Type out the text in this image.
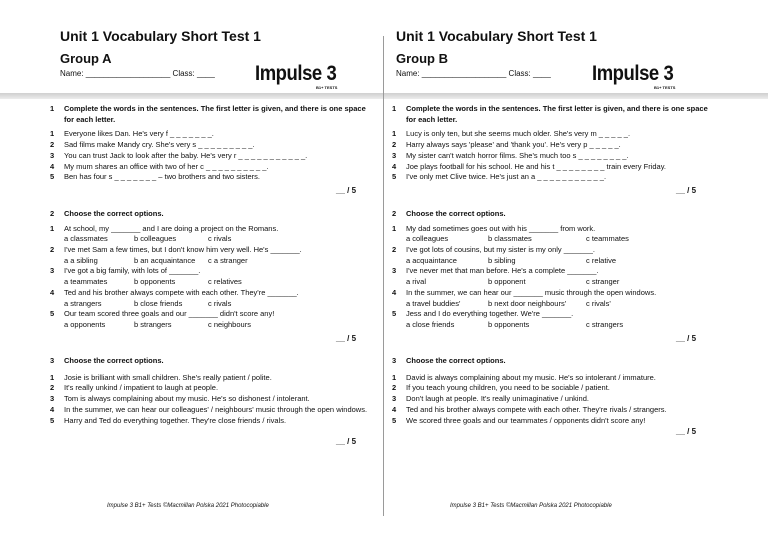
Unit 1 Vocabulary Short Test 1
Group A
Name: ___________________ Class: ____ Impulse 3
B1+ TESTS
1 Complete the words in the sentences. The first letter is given, and there is one space for each letter.
1 Everyone likes Dan. He's very f _ _ _ _ _ _ _.
2 Sad films make Mandy cry. She's very s _ _ _ _ _ _ _ _ _.
3 You can trust Jack to look after the baby. He's very r _ _ _ _ _ _ _ _ _ _ _.
4 My mum shares an office with two of her c _ _ _ _ _ _ _ _ _ _.
5 Ben has four s _ _ _ _ _ _ _ – two brothers and two sisters.
__ / 5
2 Choose the correct options.
1 At school, my _______ and I are doing a project on the Romans.
a classmates	b colleagues	c rivals
2 I've met Sam a few times, but I don't know him very well. He's _______.
a a sibling	b an acquaintance c a stranger
3 I've got a big family, with lots of _______.
a teammates	b opponents	c relatives
4 Ted and his brother always compete with each other. They're _______.
a strangers	b close friends	c rivals
5 Our team scored three goals and our _______ didn't score any!
a opponents	b strangers	c neighbours
__ / 5
3 Choose the correct options.
1 Josie is brilliant with small children. She's really patient / polite.
2 It's really unkind / impatient to laugh at people.
3 Tom is always complaining about my music. He's so dishonest / intolerant.
4 In the summer, we can hear our colleagues' / neighbours' music through the open windows.
5 Harry and Ted do everything together. They're close friends / rivals.
__ / 5
Impulse 3 B1+ Tests ©Macmillan Polska 2021 Photocopiable
Unit 1 Vocabulary Short Test 1
Group B
Name: ___________________ Class: ____ Impulse 3
B1+ TESTS
1 Complete the words in the sentences. The first letter is given, and there is one space for each letter.
1 Lucy is only ten, but she seems much older. She's very m _ _ _ _ _.
2 Harry always says 'please' and 'thank you'. He's very p _ _ _ _ _.
3 My sister can't watch horror films. She's much too s _ _ _ _ _ _ _ _.
4 Joe plays football for his school. He and his t _ _ _ _ _ _ _ _ train every Friday.
5 I've only met Clive twice. He's just an a _ _ _ _ _ _ _ _ _ _ _.
__ / 5
2 Choose the correct options.
1 My dad sometimes goes out with his _______ from work.
a colleagues	b classmates	c teammates
2 I've got lots of cousins, but my sister is my only _______.
a acquaintance	b sibling	c relative
3 I've never met that man before. He's a complete _______.
a rival	b opponent	c stranger
4 In the summer, we can hear our _______ music through the open windows.
a travel buddies'	b next door neighbours'	c rivals'
5 Jess and I do everything together. We're _______.
a close friends	b opponents	c strangers
__ / 5
3 Choose the correct options.
1 David is always complaining about my music. He's so intolerant / immature.
2 If you teach young children, you need to be sociable / patient.
3 Don't laugh at people. It's really unimaginative / unkind.
4 Ted and his brother always compete with each other. They're rivals / strangers.
5 We scored three goals and our teammates / opponents didn't score any!
__ / 5
Impulse 3 B1+ Tests ©Macmillan Polska 2021 Photocopiable
